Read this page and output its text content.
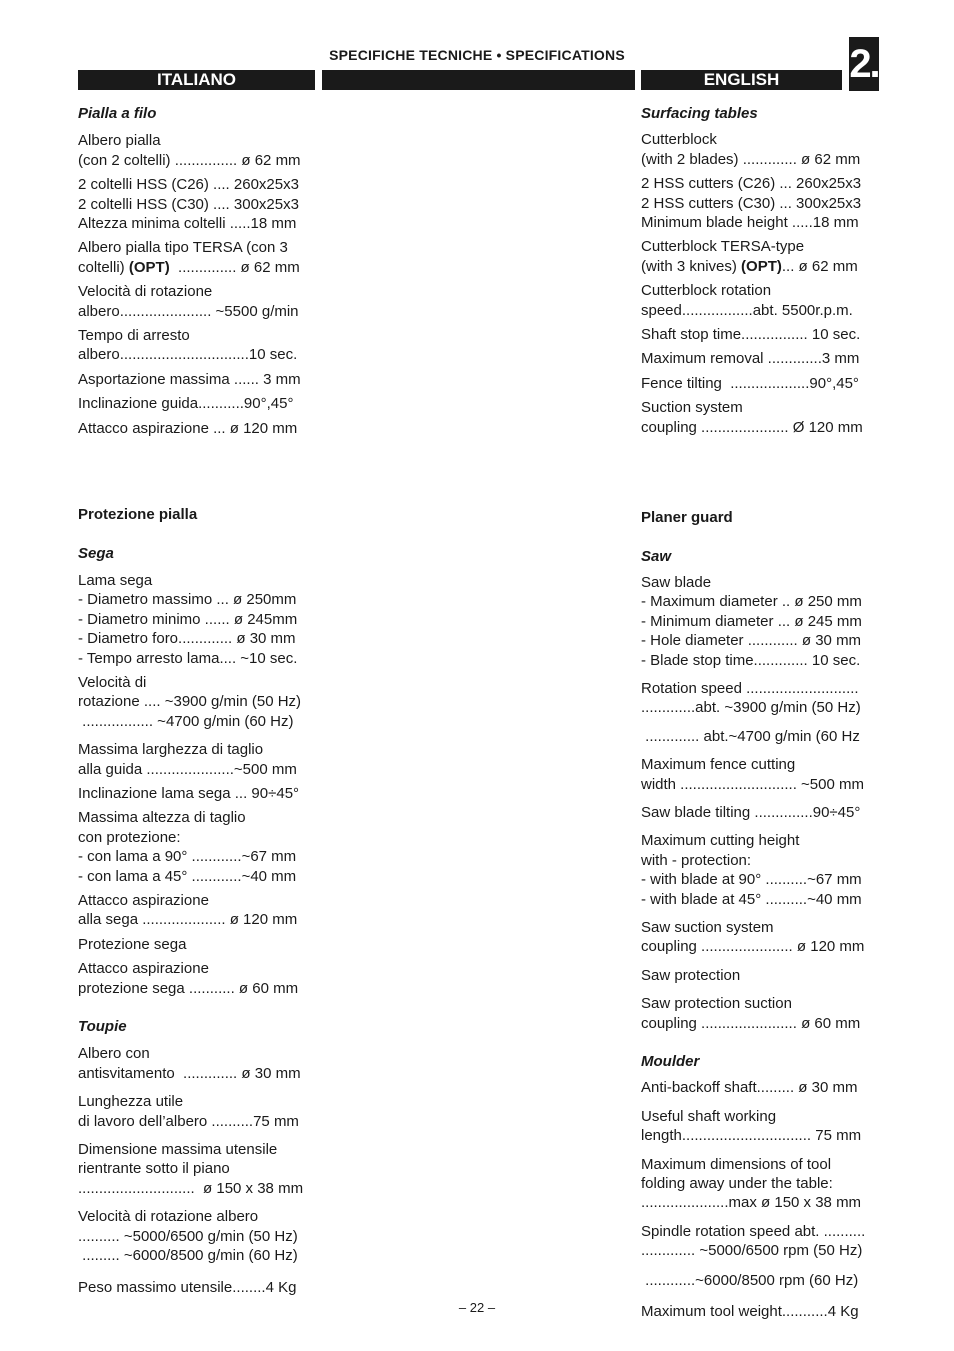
SPECIFICHE TECNICHE • SPECIFICATIONS
ITALIANO	ENGLISH	2.
Pialla a filo
Albero pialla
(con 2 coltelli) ............... ø 62 mm
2 coltelli HSS (C26) .... 260x25x3
2 coltelli HSS (C30) .... 300x25x3
Altezza minima coltelli .....18 mm
Albero pialla tipo TERSA (con 3
coltelli) (OPT)  .............. ø 62 mm
Velocità di rotazione
albero...................... ~5500 g/min
Tempo di arresto
albero...............................10 sec.
Asportazione massima ...... 3 mm
Inclinazione guida...........90°,45°
Attacco aspirazione ... ø 120 mm
Protezione pialla
Sega
Lama sega
- Diametro massimo ... ø 250mm
- Diametro minimo ...... ø 245mm
- Diametro foro............. ø 30 mm
- Tempo arresto lama.... ~10 sec.
Velocità di
rotazione .... ~3900 g/min (50 Hz)
................. ~4700 g/min (60 Hz)
Massima larghezza di taglio
alla guida .....................~500 mm
Inclinazione lama sega ... 90÷45°
Massima altezza di taglio
con protezione:
- con lama a 90° ............~67 mm
- con lama a 45° ............~40 mm
Attacco aspirazione
alla sega .................... ø 120 mm
Protezione sega
Attacco aspirazione
protezione sega ........... ø 60 mm
Toupie
Albero con
antisvitamento  ............. ø 30 mm
Lunghezza utile
di lavoro dell’albero ..........75 mm
Dimensione massima utensile
rientrante sotto il piano
............................  ø 150 x 38 mm
Velocità di rotazione albero
.......... ~5000/6500 g/min (50 Hz)
......... ~6000/8500 g/min (60 Hz)
Peso massimo utensile........4 Kg
Surfacing tables
Cutterblock
(with 2 blades) ............. ø 62 mm
2 HSS cutters (C26) ... 260x25x3
2 HSS cutters (C30) ... 300x25x3
Minimum blade height .....18 mm
Cutterblock TERSA-type
(with 3 knives) (OPT)... ø 62 mm
Cutterblock rotation
speed.................abt. 5500r.p.m.
Shaft stop time................ 10 sec.
Maximum removal .............3 mm
Fence tilting  ...................90°,45°
Suction system
coupling ..................... Ø 120 mm
Planer guard
Saw
Saw blade
- Maximum diameter .. ø 250 mm
- Minimum diameter ... ø 245 mm
- Hole diameter ............ ø 30 mm
- Blade stop time............. 10 sec.
Rotation speed ...........................
.............abt. ~3900 g/min (50 Hz)
............. abt.~4700 g/min (60 Hz
Maximum fence cutting
width ............................ ~500 mm
Saw blade tilting ..............90÷45°
Maximum cutting height
with - protection:
- with blade at 90° ..........~67 mm
- with blade at 45° ..........~40 mm
Saw suction system
coupling ...................... ø 120 mm
Saw protection
Saw protection suction
coupling ....................... ø 60 mm
Moulder
Anti-backoff shaft......... ø 30 mm
Useful shaft working
length............................... 75 mm
Maximum dimensions of tool
folding away under the table:
.....................max ø 150 x 38 mm
Spindle rotation speed abt. ..........
............. ~5000/6500 rpm (50 Hz)
............~6000/8500 rpm (60 Hz)
Maximum tool weight...........4 Kg
– 22 –
